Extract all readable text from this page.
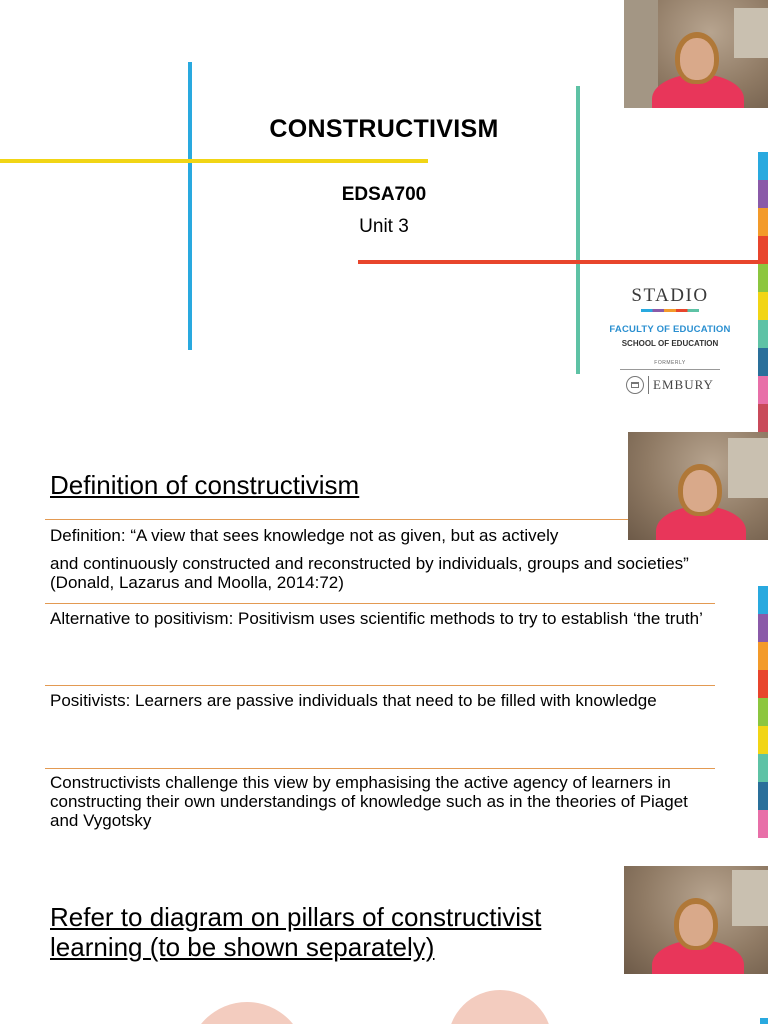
CONSTRUCTIVISM
EDSA700
Unit 3
STADIO
FACULTY OF EDUCATION
SCHOOL OF EDUCATION
FORMERLY
EMBURY
Definition of constructivism
Definition: “A view that sees knowledge not as given, but as actively
and continuously constructed and reconstructed by individuals, groups and societies” (Donald, Lazarus and Moolla, 2014:72)
Alternative to positivism: Positivism uses scientific methods to try to establish ‘the truth’
Positivists: Learners are passive individuals that need to be filled with knowledge
Constructivists challenge this view by emphasising the active agency of learners in constructing their own understandings of knowledge such as in the theories of Piaget and Vygotsky
Refer to diagram on pillars of constructivist learning (to be shown separately)
